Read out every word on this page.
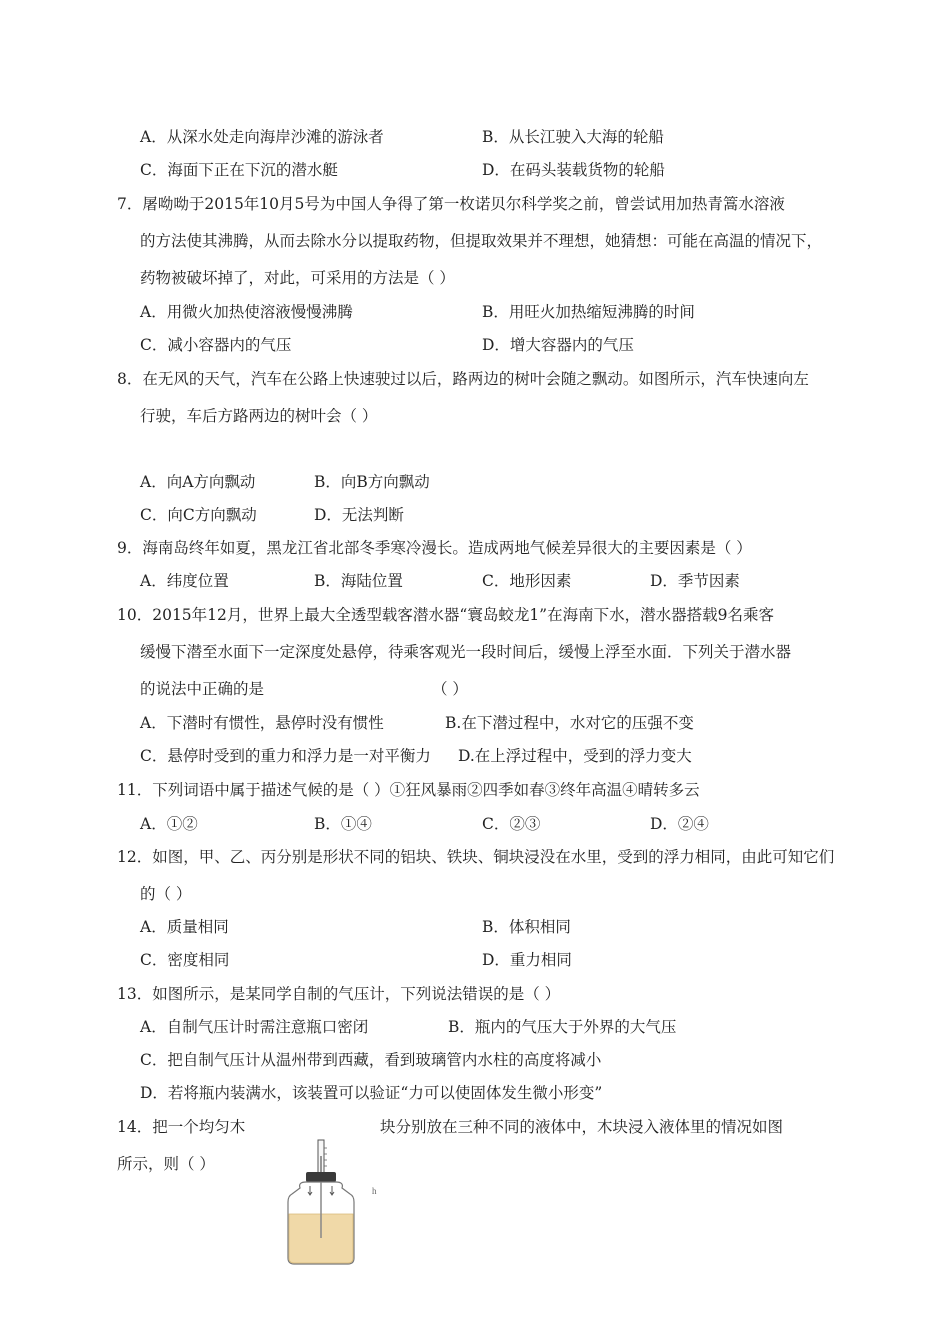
A．从深水处走向海岸沙滩的游泳者	B．从长江驶入大海的轮船
C．海面下正在下沉的潜水艇	D．在码头装载货物的轮船
7．屠呦呦于2015年10月5号为中国人争得了第一枚诺贝尔科学奖之前，曾尝试用加热青篙水溶液
的方法使其沸腾，从而去除水分以提取药物，但提取效果并不理想，她猜想：可能在高温的情况下，
药物被破坏掉了，对此，可采用的方法是（ ）
A．用微火加热使溶液慢慢沸腾	B．用旺火加热缩短沸腾的时间
C．减小容器内的气压	D．增大容器内的气压
8．在无风的天气，汽车在公路上快速驶过以后，路两边的树叶会随之飘动。如图所示，汽车快速向左
行驶，车后方路两边的树叶会（ ）
A．向A方向飘动	B．向B方向飘动
C．向C方向飘动	D．无法判断
9．海南岛终年如夏，黑龙江省北部冬季寒冷漫长。造成两地气候差异很大的主要因素是（ ）
A．纬度位置	B．海陆位置	C．地形因素	D．季节因素
10．2015年12月，世界上最大全透型载客潜水器“寰岛蛟龙1”在海南下水，潜水器搭载9名乘客
缓慢下潜至水面下一定深度处悬停，待乘客观光一段时间后，缓慢上浮至水面．下列关于潜水器
的说法中正确的是	（ ）
A．下潜时有惯性，悬停时没有惯性	B.在下潜过程中，水对它的压强不变
C．悬停时受到的重力和浮力是一对平衡力 D.在上浮过程中，受到的浮力变大
11．下列词语中属于描述气候的是（ ）①狂风暴雨②四季如春③终年高温④晴转多云
A．①②	B．①④	C．②③	D．②④
12．如图，甲、乙、丙分别是形状不同的铝块、铁块、铜块浸没在水里，受到的浮力相同，由此可知它们
的（ ）
A．质量相同	B．体积相同
C．密度相同	D．重力相同
13．如图所示，是某同学自制的气压计，下列说法错误的是（ ）
A．自制气压计时需注意瓶口密闭	B．瓶内的气压大于外界的大气压
C．把自制气压计从温州带到西藏，看到玻璃管内水柱的高度将减小
D．若将瓶内装满水，该装置可以验证“力可以使固体发生微小形变”
14．把一个均匀木	块分别放在三种不同的液体中，木块浸入液体里的情况如图
所示，则（ ）
h
